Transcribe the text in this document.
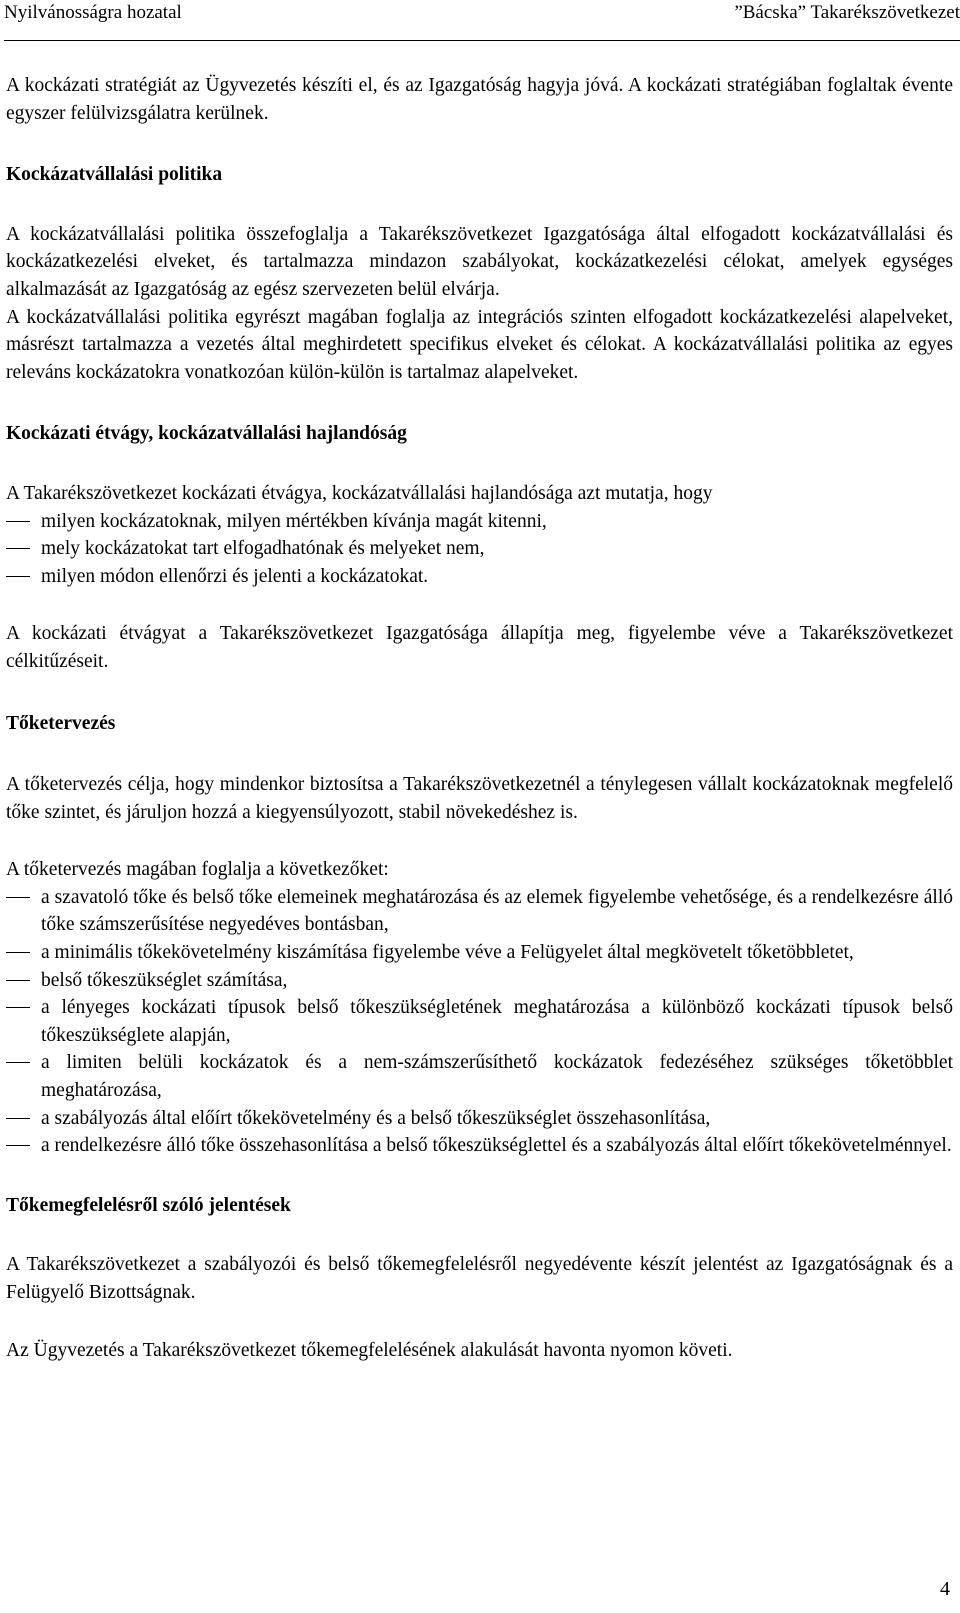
Nyilvánosságra hozatal	”Bácska” Takarékszövetkezet

A kockázati stratégiát az Ügyvezetés készíti el, és az Igazgatóság hagyja jóvá. A kockázati stratégiában foglaltak évente egyszer felülvizsgálatra kerülnek.

Kockázatvállalási politika

A kockázatvállalási politika összefoglalja a Takarékszövetkezet Igazgatósága által elfogadott kockázatvállalási és kockázatkezelési elveket, és tartalmazza mindazon szabályokat, kockázatkezelési célokat, amelyek egységes alkalmazását az Igazgatóság az egész szervezeten belül elvárja.

A kockázatvállalási politika egyrészt magában foglalja az integrációs szinten elfogadott kockázatkezelési alapelveket, másrészt tartalmazza a vezetés által meghirdetett specifikus elveket és célokat. A kockázatvállalási politika az egyes releváns kockázatokra vonatkozóan külön-külön is tartalmaz alapelveket.

Kockázati étvágy, kockázatvállalási hajlandóság

A Takarékszövetkezet kockázati étvágya, kockázatvállalási hajlandósága azt mutatja, hogy

milyen kockázatoknak, milyen mértékben kívánja magát kitenni,
mely kockázatokat tart elfogadhatónak és melyeket nem,
milyen módon ellenőrzi és jelenti a kockázatokat.

A kockázati étvágyat a Takarékszövetkezet Igazgatósága állapítja meg, figyelembe véve a Takarékszövetkezet célkitűzéseit.

Tőketervezés

A tőketervezés célja, hogy mindenkor biztosítsa a Takarékszövetkezetnél a ténylegesen vállalt kockázatoknak megfelelő tőke szintet, és járuljon hozzá a kiegyensúlyozott, stabil növekedéshez is.

A tőketervezés magában foglalja a következőket:

a szavatoló tőke és belső tőke elemeinek meghatározása és az elemek figyelembe vehetősége, és a rendelkezésre álló tőke számszerűsítése negyedéves bontásban,
a minimális tőkekövetelmény kiszámítása figyelembe véve a Felügyelet által megkövetelt tőketöbbletet,
belső tőkeszükséglet számítása,
a lényeges kockázati típusok belső tőkeszükségletének meghatározása a különböző kockázati típusok belső tőkeszükséglete alapján,
a limiten belüli kockázatok és a nem-számszerűsíthető kockázatok fedezéséhez szükséges tőketöbblet meghatározása,
a szabályozás által előírt tőkekövetelmény és a belső tőkeszükséglet összehasonlítása,
a rendelkezésre álló tőke összehasonlítása a belső tőkeszükséglettel és a szabályozás által előírt tőkekövetelménnyel.

Tőkemegfelelésről szóló jelentések

A Takarékszövetkezet a szabályozói és belső tőkemegfelelésről negyedévente készít jelentést az Igazgatóságnak és a Felügyelő Bizottságnak.

Az Ügyvezetés a Takarékszövetkezet tőkemegfelelésének alakulását havonta nyomon követi.

4
